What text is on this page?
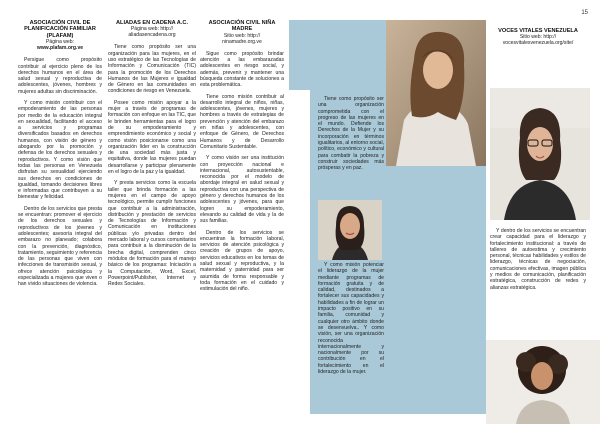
15
ASOCIACIÓN CIVIL DE PLANIFICACIÓN FAMILIAR (PLAFAM)
Página web:
www.plafam.org.ve

Persigue como propósito contribuir al ejercicio pleno de los derechos humanos en el área de salud sexual y reproductiva de adolescentes, jóvenes, hombres y mujeres adultas sin discriminación.

Y como misión contribuir con el empoderamiento de las personas por medio de la educación integral en sexualidad, facilitando el acceso a servicios y programas diversificados basados en derechos humanos, con visión de género y abogando por la promoción y defensa de los derechos sexuales y reproductivos. Y como visión que todas las personas en Venezuela disfrutan su sexualidad ejerciendo sus derechos en condiciones de igualdad, tomando decisiones libres e informadas que contribuyen a su bienestar y felicidad.

Dentro de los servicios que presta se encuentran: promover el ejercicio de los derechos sexuales y reproductivos de los jóvenes y adolescentes; asesoría integral del embarazo no planeado; colabora con la prevención, diagnóstico, tratamiento, seguimiento y referencia de las personas que viven con infecciones de transmisión sexual, y ofrece atención psicológica y especializada a mujeres que viven o han vivido situaciones de violencia.

ALIADAS EN CADENA A.C.
Página web: http://
aliadasencadena.org

Tiene como propósito ser una organización para las mujeres, en el uso estratégico de las Tecnologías de Información y Comunicación (TIC) para la promoción de los Derechos Humanos de las Mujeres e igualdad de Género en las comunidades en condiciones de riesgo en Venezuela.

Posee como misión apoyar a la mujer a través de programas de formación con enfoque en las TIC, que le brinden herramientas para el logro de su empoderamiento y emprendimiento económico y social y como visión posicionarse como una organización líder en la construcción de una sociedad más justa y equitativa, donde las mujeres puedan desarrollarse y participar plenamente en el logro de la paz y la igualdad.

Y presta servicios como la escuela taller que brinda formación a las mujeres en el campo de apoyo tecnológico, permite cumplir funciones que contribuir a la administración, distribución y prestación de servicios de Tecnologías de Información y Comunicación en instituciones públicas y/o privadas dentro del mercado laboral y cursos comunitarios para contribuir a la disminución de la brecha digital, comprenden cinco módulos de formación para el manejo básico de los programas: Iniciación a la Computación, Word, Excel, Powerpoint/Publisher, Internet y Redes Sociales.

ASOCIACIÓN CIVIL NIÑA MADRE
Sitio web: http://
ninamadre.org.ve

Sigue como propósito brindar atención a las embarazadas adolescentes en riesgo social, y además, prevenir y mantener una búsqueda constante de soluciones a esta problemática.

Tiene como misión contribuir al desarrollo integral de niños, niñas, adolescentes, jóvenes, mujeres y hombres a través de estrategias de prevención y atención del embarazo en niñas y adolescentes, con enfoque de Género, de Derechos Humanos y de Desarrollo Comunitario Sustentable.

Y como visión ser una institución con proyección nacional e internacional, autosustentable, reconocida por el modelo de abordaje integral en salud sexual y reproductiva con una perspectiva de género y derechos humanos de los adolescentes y jóvenes, para que logren su empoderamiento, elevando su calidad de vida y la de sus familias.

Dentro de los servicios se encuentran la formación laboral, servicios de atención psicológica y creación de grupos de apoyo, servicios educativos en los temas de salud sexual y reproductiva, y la maternidad y paternidad para ser asumida de forma responsable y toda formación en el cuidado y estimulación del niño.

Tiene como propósito ser una organización comprometida con el progreso de las mujeres en el mundo. Defiende los Derechos de la Mujer y su incorporación en términos igualitarios, al entorno social, político, económico y cultural para combatir la pobreza y construir sociedades más prósperas y en paz.

Y como misión potenciar el liderazgo de la mujer mediante programas de formación gratuita y de calidad, destinados a fortalecer sus capacidades y habilidades a fin de lograr un impacto positivo en su familia, comunidad y cualquier otro ámbito donde se desenvuelva.. Y como visión, ser una organización reconocida internacionalmente y nacionalmente por su contribución en el fortalecimiento en el liderazgo de la mujer.

VOCES VITALES VENEZUELA
Sitio web: http://
vocesvitalesvenezuela.org/site/

Y dentro de los servicios se encuentran crear capacidad para el liderazgo y fortalecimiento institucional: a través de talleres de autoestima y crecimiento personal, técnicas habilidades y estilos de liderazgo, técnicas de negociación, comunicaciones efectivas, imagen pública y medios de comunicación, planificación estratégica, construcción de redes y alianzas estratégica.
